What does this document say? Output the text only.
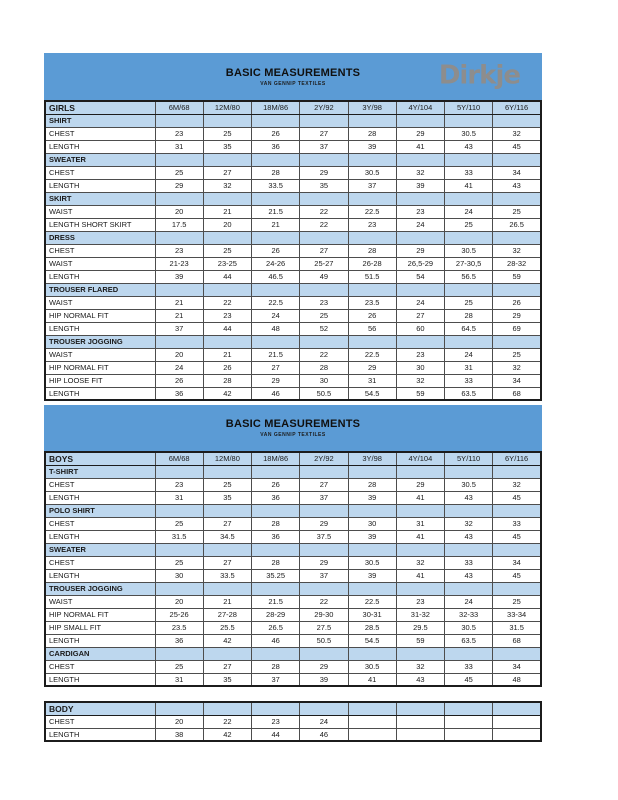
BASIC MEASUREMENTS
VAN GENNIP TEXTILES	Dirkje
GIRLS	6M/68	12M/80	18M/86	2Y/92	3Y/98	4Y/104	5Y/110	6Y/116
SHIRT								
CHEST	23	25	26	27	28	29	30.5	32
LENGTH	31	35	36	37	39	41	43	45
SWEATER								
CHEST	25	27	28	29	30.5	32	33	34
LENGTH	29	32	33.5	35	37	39	41	43
SKIRT								
WAIST	20	21	21.5	22	22.5	23	24	25
LENGTH SHORT SKIRT	17.5	20	21	22	23	24	25	26.5
DRESS								
CHEST	23	25	26	27	28	29	30.5	32
WAIST	21-23	23-25	24-26	25-27	26-28	26,5-29	27-30,5	28-32
LENGTH	39	44	46.5	49	51.5	54	56.5	59
TROUSER FLARED								
WAIST	21	22	22.5	23	23.5	24	25	26
HIP NORMAL FIT	21	23	24	25	26	27	28	29
LENGTH	37	44	48	52	56	60	64.5	69
TROUSER JOGGING								
WAIST	20	21	21.5	22	22.5	23	24	25
HIP NORMAL FIT	24	26	27	28	29	30	31	32
HIP LOOSE FIT	26	28	29	30	31	32	33	34
LENGTH	36	42	46	50.5	54.5	59	63.5	68
BASIC MEASUREMENTS
VAN GENNIP TEXTILES
BOYS	6M/68	12M/80	18M/86	2Y/92	3Y/98	4Y/104	5Y/110	6Y/116
T-SHIRT								
CHEST	23	25	26	27	28	29	30.5	32
LENGTH	31	35	36	37	39	41	43	45
POLO SHIRT								
CHEST	25	27	28	29	30	31	32	33
LENGTH	31.5	34.5	36	37.5	39	41	43	45
SWEATER								
CHEST	25	27	28	29	30.5	32	33	34
LENGTH	30	33.5	35.25	37	39	41	43	45
TROUSER JOGGING								
WAIST	20	21	21.5	22	22.5	23	24	25
HIP NORMAL FIT	25-26	27-28	28-29	29-30	30-31	31-32	32-33	33-34
HIP SMALL FIT	23.5	25.5	26.5	27.5	28.5	29.5	30.5	31.5
LENGTH	36	42	46	50.5	54.5	59	63.5	68
CARDIGAN								
CHEST	25	27	28	29	30.5	32	33	34
LENGTH	31	35	37	39	41	43	45	48
BODY								
CHEST	20	22	23	24				
LENGTH	38	42	44	46				
